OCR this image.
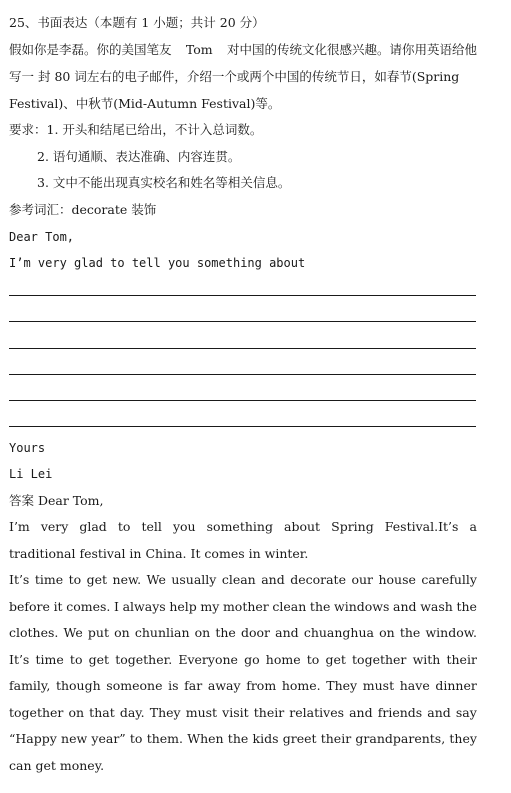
25、书面表达（本题有 1 小题；共计 20 分）
假如你是李磊。你的美国笔友 Tom 对中国的传统文化很感兴趣。请你用英语给他
写一 封 80 词左右的电子邮件，介绍一个或两个中国的传统节日，如春节(Spring
Festival)、中秋节(Mid-Autumn Festival)等。
要求：1. 开头和结尾已给出，不计入总词数。
2. 语句通顺、表达准确、内容连贯。
3. 文中不能出现真实校名和姓名等相关信息。
参考词汇：decorate 装饰
Dear Tom,
I’m very glad to tell you something about
Yours
Li Lei
答案 Dear Tom,
I’m very glad to tell you something about Spring Festival.It’s a
traditional festival in China. It comes in winter.
It’s time to get new. We usually clean and decorate our house carefully
before it comes. I always help my mother clean the windows and wash the
clothes. We put on chunlian on the door and chuanghua on the window.
It’s time to get together. Everyone go home to get together with their
family, though someone is far away from home. They must have dinner
together on that day. They must visit their relatives and friends and say
“Happy new year” to them. When the kids greet their grandparents, they
can get money.
